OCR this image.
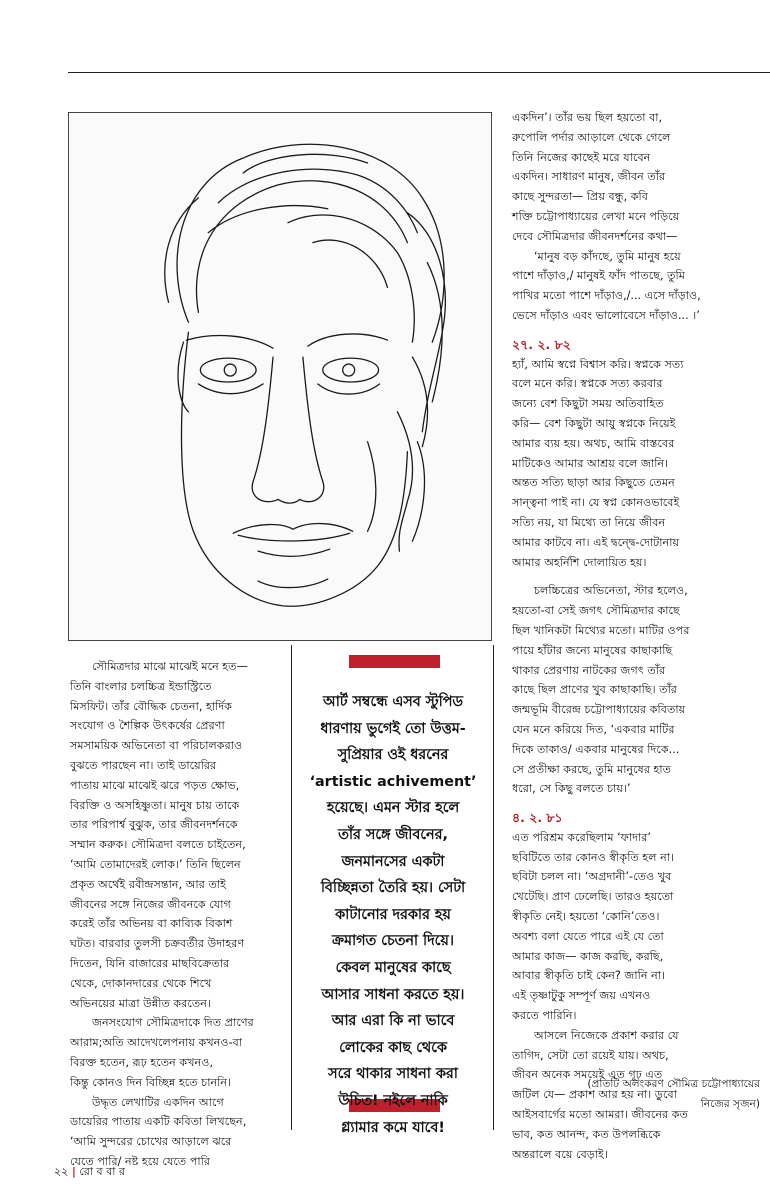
একদিন’। তাঁর ভয় ছিল হয়তো বা,

রুপোলি পর্দার আড়ালে থেকে গেলে

তিনি নিজের কাছেই মরে যাবেন

একদিন। সাধারণ মানুষ, জীবন তাঁর

কাছে সুন্দরতা— প্রিয় বন্ধু, কবি

শক্তি চট্টোপাধ্যায়ের লেখা মনে পড়িয়ে

দেবে সৌমিত্রদার জীবনদর্শনের কথা—

‘মানুষ বড় কাঁদছে, তুমি মানুষ হয়ে

পাশে দাঁড়াও,/ মানুষই ফাঁদ পাতছে, তুমি

পাখির মতো পাশে দাঁড়াও,/... এসে দাঁড়াও,

ভেসে দাঁড়াও এবং ভালোবেসে দাঁড়াও... ।’

২৭. ২. ৮২

হ্যাঁ, আমি স্বপ্নে বিশ্বাস করি। স্বপ্নকে সত্য

বলে মনে করি। স্বপ্নকে সত্য করবার

জন্যে বেশ কিছুটা সময় অতিবাহিত

করি— বেশ কিছুটা আয়ু স্বপ্নকে নিয়েই

আমার ব্যয় হয়। অথচ, আমি বাস্তবের

মাটিকেও আমার আশ্রয় বলে জানি।

অন্তত সত্যি ছাড়া আর কিছুতে তেমন

সান্ত্বনা পাই না। যে স্বপ্ন কোনওভাবেই

সত্যি নয়, যা মিথ্যে তা নিয়ে জীবন

আমার কাটবে না। এই দ্বন্দ্বে-দোটানায়

আমার অহর্নিশি দোলায়িত হয়।

চলচ্চিত্রের অভিনেতা, স্টার হলেও,

হয়তো-বা সেই জগৎ সৌমিত্রদার কাছে

ছিল খানিকটা মিথ্যের মতো। মাটির ওপর

পায়ে হাঁটার জন্যে মানুষের কাছাকাছি

থাকার প্রেরণায় নাটকের জগৎ তাঁর

কাছে ছিল প্রাণের খুব কাছাকাছি। তাঁর

জন্মভূমি বীরেন্দ্র চট্টোপাধ্যায়ের কবিতায়

যেন মনে করিয়ে দিত, ‘একবার মাটির

দিকে তাকাও/ একবার মানুষের দিকে...

সে প্রতীক্ষা করছে, তুমি মানুষের হাত

ধরো, সে কিছু বলতে চায়।’

৪. ২. ৮১

এত পরিশ্রম করেছিলাম ‘ফাদার’

ছবিটিতে তার কোনও স্বীকৃতি হল না।

ছবিটা চলল না। ‘অগ্রদানী’-তেও খুব

খেটেছি। প্রাণ ঢেলেছি। তারও হয়তো

স্বীকৃতি নেই। হয়তো ‘কোনি’তেও।

অবশ্য বলা যেতে পারে এই যে তো

আমার কাজ— কাজ করছি, করছি,

আবার স্বীকৃতি চাই কেন? জানি না।

এই তৃষ্ণাটুকু সম্পূর্ণ জয় এখনও

করতে পারিনি।

আসলে নিজেকে প্রকাশ করার যে

তাগিদ, সেটা তো রয়েই যায়। অথচ,

জীবন অনেক সময়েই এত গূঢ় এত

জটিল যে— প্রকাশ আর হয় না। ডুবো

আইসবার্গের মতো আমরা। জীবনের কত

ভাব, কত আনন্দ, কত উপলব্ধিকে

অন্তরালে বয়ে বেড়াই।

সৌমিত্রদার মাঝে মাঝেই মনে হত—

তিনি বাংলার চলচ্চিত্র ইন্ডাস্ট্রিতে

মিসফিট। তাঁর বৌদ্ধিক চেতনা, হার্দিক

সংযোগ ও শৈল্পিক উৎকর্ষের প্রেরণা

সমসাময়িক অভিনেতা বা পরিচালকরাও

বুঝতে পারছেন না। তাই ডায়েরির

পাতায় মাঝে মাঝেই ঝরে পড়ত ক্ষোভ,

বিরক্তি ও অসহিষ্ণুতা। মানুষ চায় তাকে

তার পরিপার্শ্ব বুঝুক, তার জীবনদর্শনকে

সম্মান করুক। সৌমিত্রদা বলতে চাইতেন,

‘আমি তোমাদেরই লোক।’ তিনি ছিলেন

প্রকৃত অর্থেই রবীন্দ্রসন্তান, আর তাই

জীবনের সঙ্গে নিজের জীবনকে যোগ

করেই তাঁর অভিনয় বা কাব্যিক বিকাশ

ঘটত। বারবার তুলসী চক্রবর্তীর উদাহরণ

দিতেন, যিনি বাজারের মাছবিক্রেতার

থেকে, দোকানদারের থেকে শিখে

অভিনয়ের মাত্রা উন্নীত করতেন।

জনসংযোগ সৌমিত্রদাকে দিত প্রাণের

আরাম;অতি আদেখলেপনায় কখনও-বা

বিরক্ত হতেন, রূঢ় হতেন কখনও,

কিন্তু কোনও দিন বিচ্ছিন্ন হতে চাননি।

উদ্ধৃত লেখাটির একদিন আগে

ডায়েরির পাতায় একটি কবিতা লিখছেন,

‘আমি সুন্দরের চোখের আড়ালে ঝরে

যেতে পারি/ নষ্ট হয়ে যেতে পারি

আর্ট সম্বন্ধে এসব স্টুপিড
ধারণায় ভুগেই তো উত্তম-
সুপ্রিয়ার ওই ধরনের
‘artistic achivement’
হয়েছে। এমন স্টার হলে
তাঁর সঙ্গে জীবনের,
জনমানসের একটা
বিচ্ছিন্নতা তৈরি হয়। সেটা
কাটানোর দরকার হয়
ক্রমাগত চেতনা দিয়ে।
কেবল মানুষের কাছে
আসার সাধনা করতে হয়।
আর এরা কি না ভাবে
লোকের কাছ থেকে
সরে থাকার সাধনা করা
উচিত! নইলে নাকি
গ্ল্যামার কমে যাবে!
(প্রতিটি অলংকরণ সৌমিত্র চট্টোপাধ্যায়ের
নিজের সৃজন)
২২ | রো ব বা র
